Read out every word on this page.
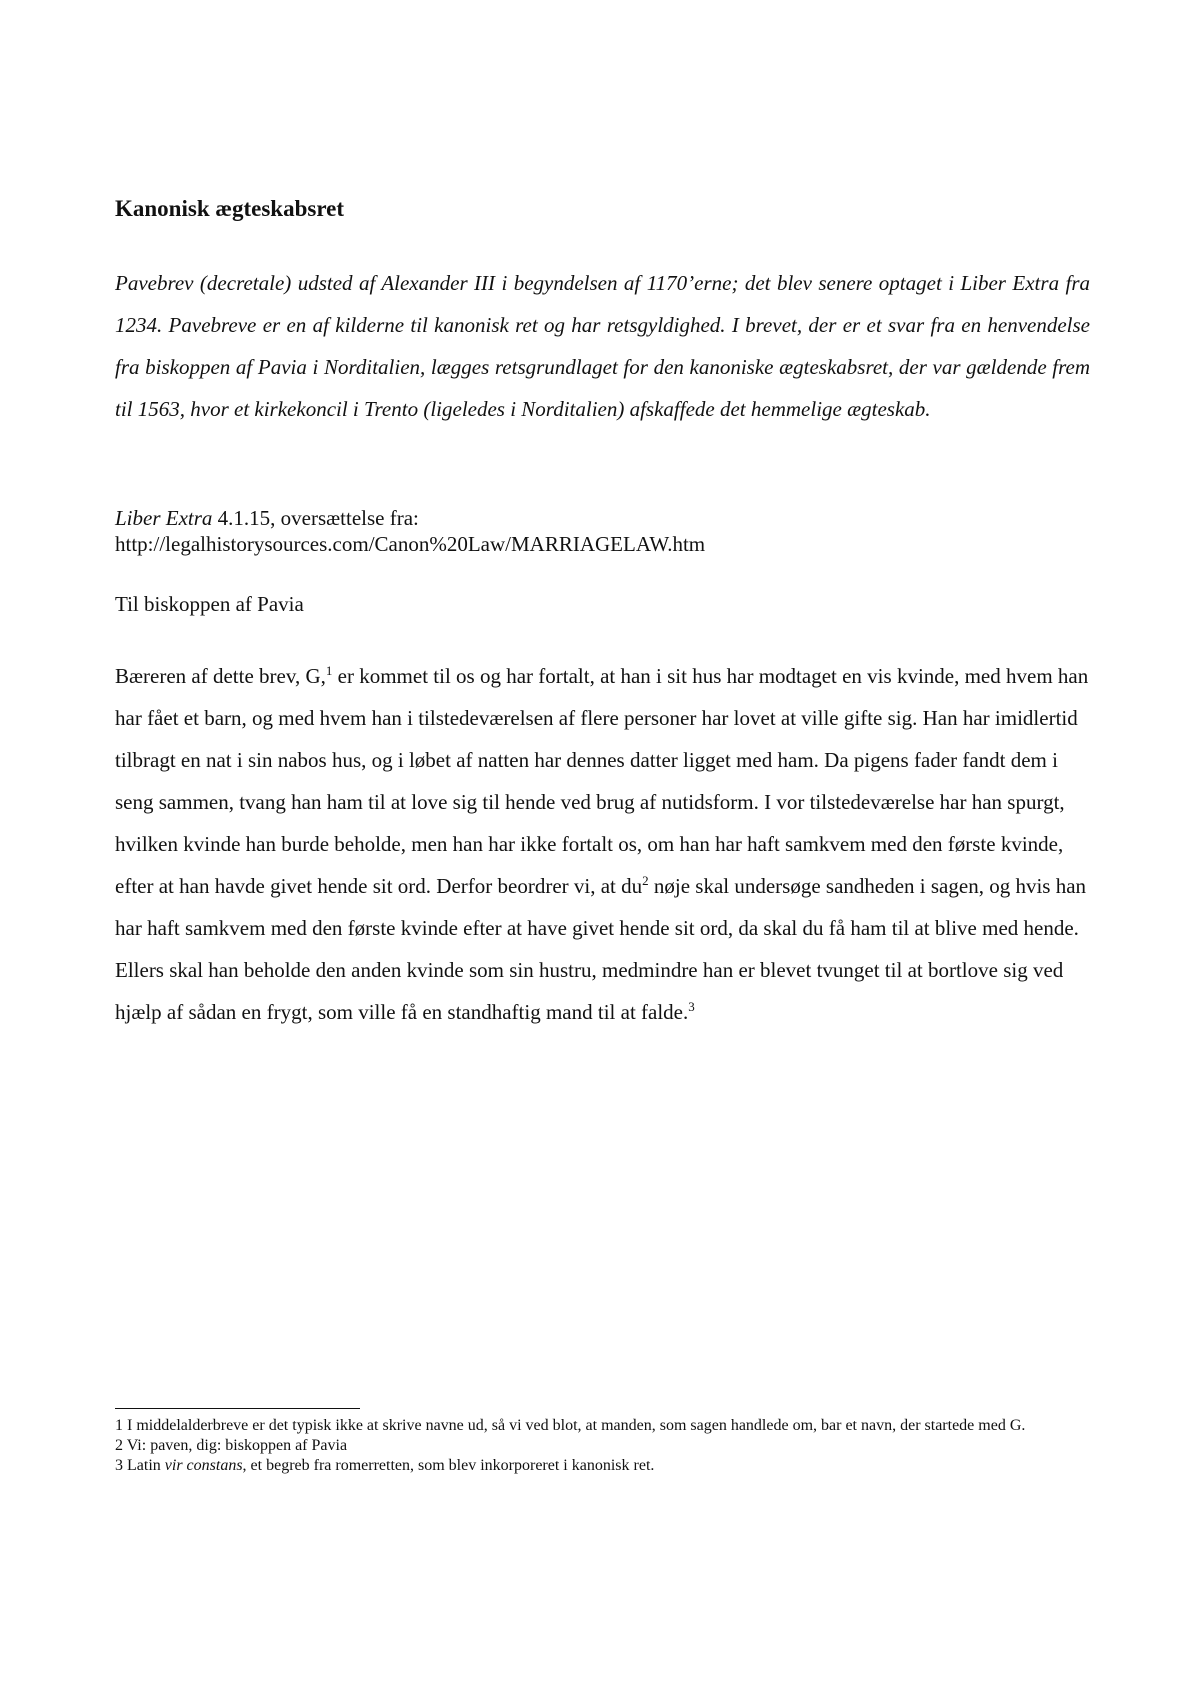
Kanonisk ægteskabsret

Pavebrev (decretale) udsted af Alexander III i begyndelsen af 1170’erne; det blev senere optaget i Liber Extra fra 1234. Pavebreve er en af kilderne til kanonisk ret og har retsgyldighed. I brevet, der er et svar fra en henvendelse fra biskoppen af Pavia i Norditalien, lægges retsgrundlaget for den kanoniske ægteskabsret, der var gældende frem til 1563, hvor et kirkekoncil i Trento (ligeledes i Norditalien) afskaffede det hemmelige ægteskab.

Liber Extra 4.1.15, oversættelse fra: http://legalhistorysources.com/Canon%20Law/MARRIAGELAW.htm

Til biskoppen af Pavia

Bæreren af dette brev, G,$^1$ er kommet til os og har fortalt, at han i sit hus har modtaget en vis kvinde, med hvem han har fået et barn, og med hvem han i tilstedeværelsen af flere personer har lovet at ville gifte sig. Han har imidlertid tilbragt en nat i sin nabos hus, og i løbet af natten har dennes datter ligget med ham. Da pigens fader fandt dem i seng sammen, tvang han ham til at love sig til hende ved brug af nutidsform. I vor tilstedeværelse har han spurgt, hvilken kvinde han burde beholde, men han har ikke fortalt os, om han har haft samkvem med den første kvinde, efter at han havde givet hende sit ord. Derfor beordrer vi, at $du^2$ nøje skal undersøge sandheden i sagen, og hvis han har haft samkvem med den første kvinde efter at have givet hende sit ord, da skal du få ham til at blive med hende. Ellers skal han beholde den anden kvinde som sin hustru, medmindre han er blevet tvunget til at bortlove sig ved hjælp af sådan en frygt, som ville få en standhaftig mand til at falde.$^3$

1 I middelalderbreve er det typisk ikke at skrive navne ud, så vi ved blot, at manden, som sagen handlede om, bar et navn, der startede med G.

2 Vi: paven, dig: biskoppen af Pavia

3 Latin vir constans, et begreb fra romerretten, som blev inkorporeret i kanonisk ret.
